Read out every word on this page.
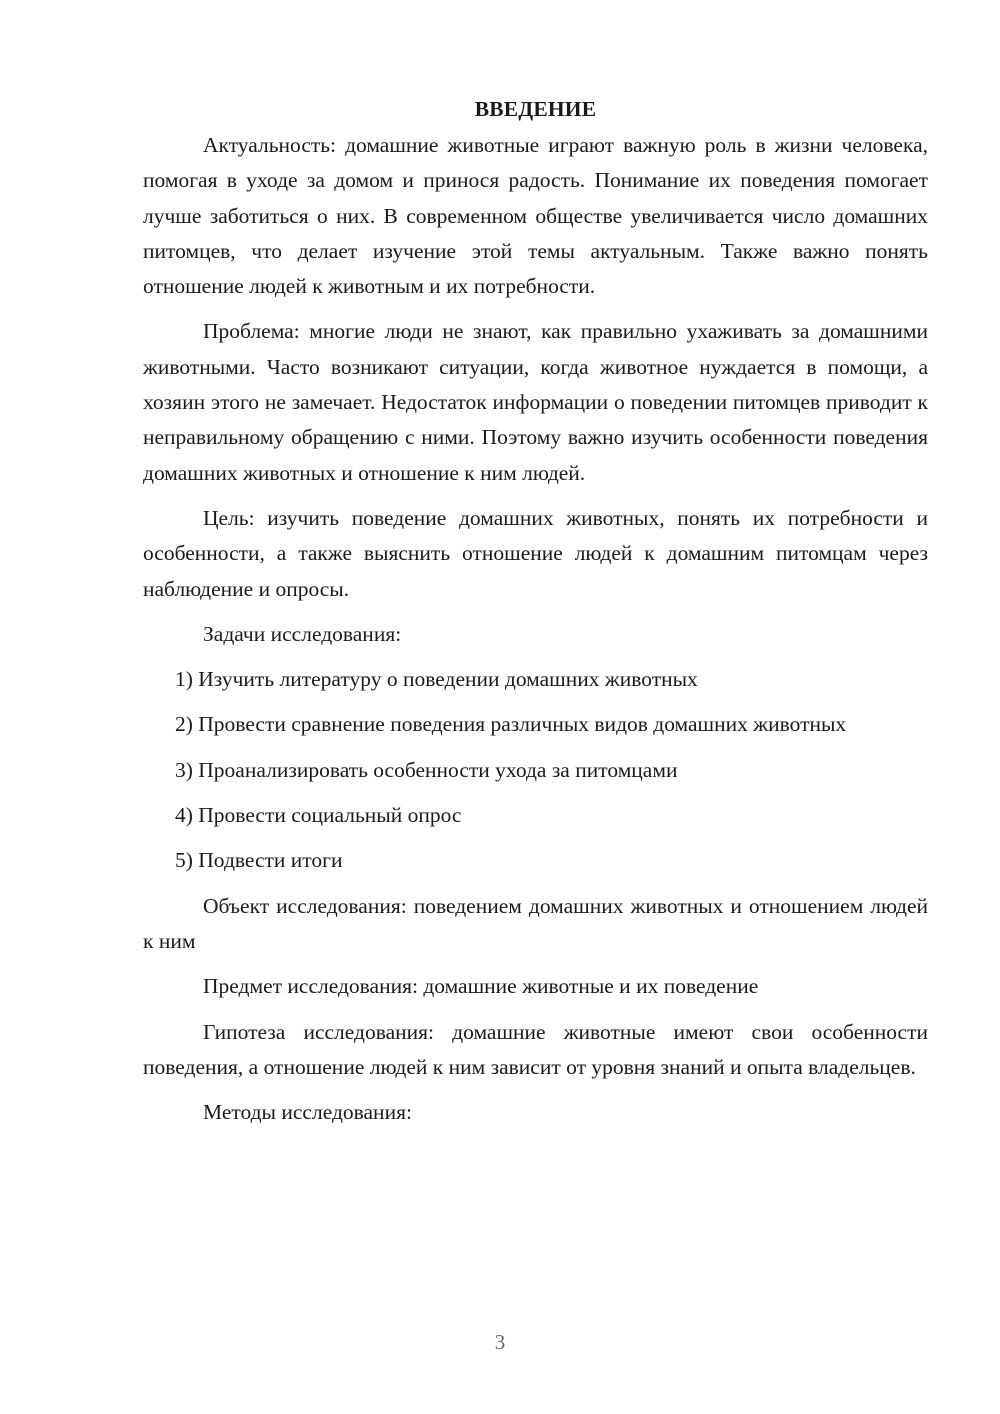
ВВЕДЕНИЕ

Актуальность: домашние животные играют важную роль в жизни человека, помогая в уходе за домом и принося радость. Понимание их поведения помогает лучше заботиться о них. В современном обществе увеличивается число домашних питомцев, что делает изучение этой темы актуальным. Также важно понять отношение людей к животным и их потребности.

Проблема: многие люди не знают, как правильно ухаживать за домашними животными. Часто возникают ситуации, когда животное нуждается в помощи, а хозяин этого не замечает. Недостаток информации о поведении питомцев приводит к неправильному обращению с ними. Поэтому важно изучить особенности поведения домашних животных и отношение к ним людей.

Цель: изучить поведение домашних животных, понять их потребности и особенности, а также выяснить отношение людей к домашним питомцам через наблюдение и опросы.

Задачи исследования:

1) Изучить литературу о поведении домашних животных

2) Провести сравнение поведения различных видов домашних животных

3) Проанализировать особенности ухода за питомцами

4) Провести социальный опрос

5) Подвести итоги

Объект исследования: поведением домашних животных и отношением людей к ним

Предмет исследования: домашние животные и их поведение

Гипотеза исследования: домашние животные имеют свои особенности поведения, а отношение людей к ним зависит от уровня знаний и опыта владельцев.

Методы исследования:

3
